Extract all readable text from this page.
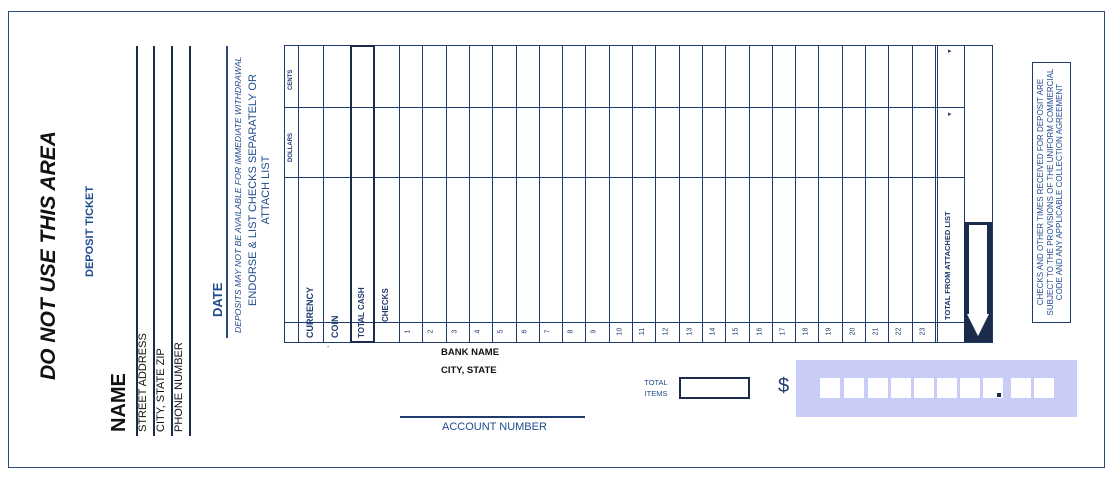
DO NOT USE THIS AREA DEPOSIT TICKET
NAME STREET ADDRESS CITY, STATE ZIP PHONE NUMBER
DATE DEPOSITS MAY NOT BE AVAILABLE FOR IMMEDIATE WITHDRAWAL ENDORSE & LIST CHECKS SEPARATELY OR ATTACH LIST
CENTS
DOLLARS
CURRENCY COIN TOTAL CASH CHECKS	TOTAL FROM ATTACHED LIST
-
▸
▸
1 2 3 4 5 6 7 8 9	10 11 12 13 14 15 16 17 18 19 20 21 22 23
BANK NAME
CITY, STATE
ACCOUNT NUMBER
TOTAL ITEMS	$
CHECKS AND OTHER TIMES RECEIVED FOR DEPOSIT ARE SUBJECT TO THE PROVISIONS OF THE UNIFORM COMMERCIAL CODE AND ANY APPLICABLE COLLECTION AGREEMENT
